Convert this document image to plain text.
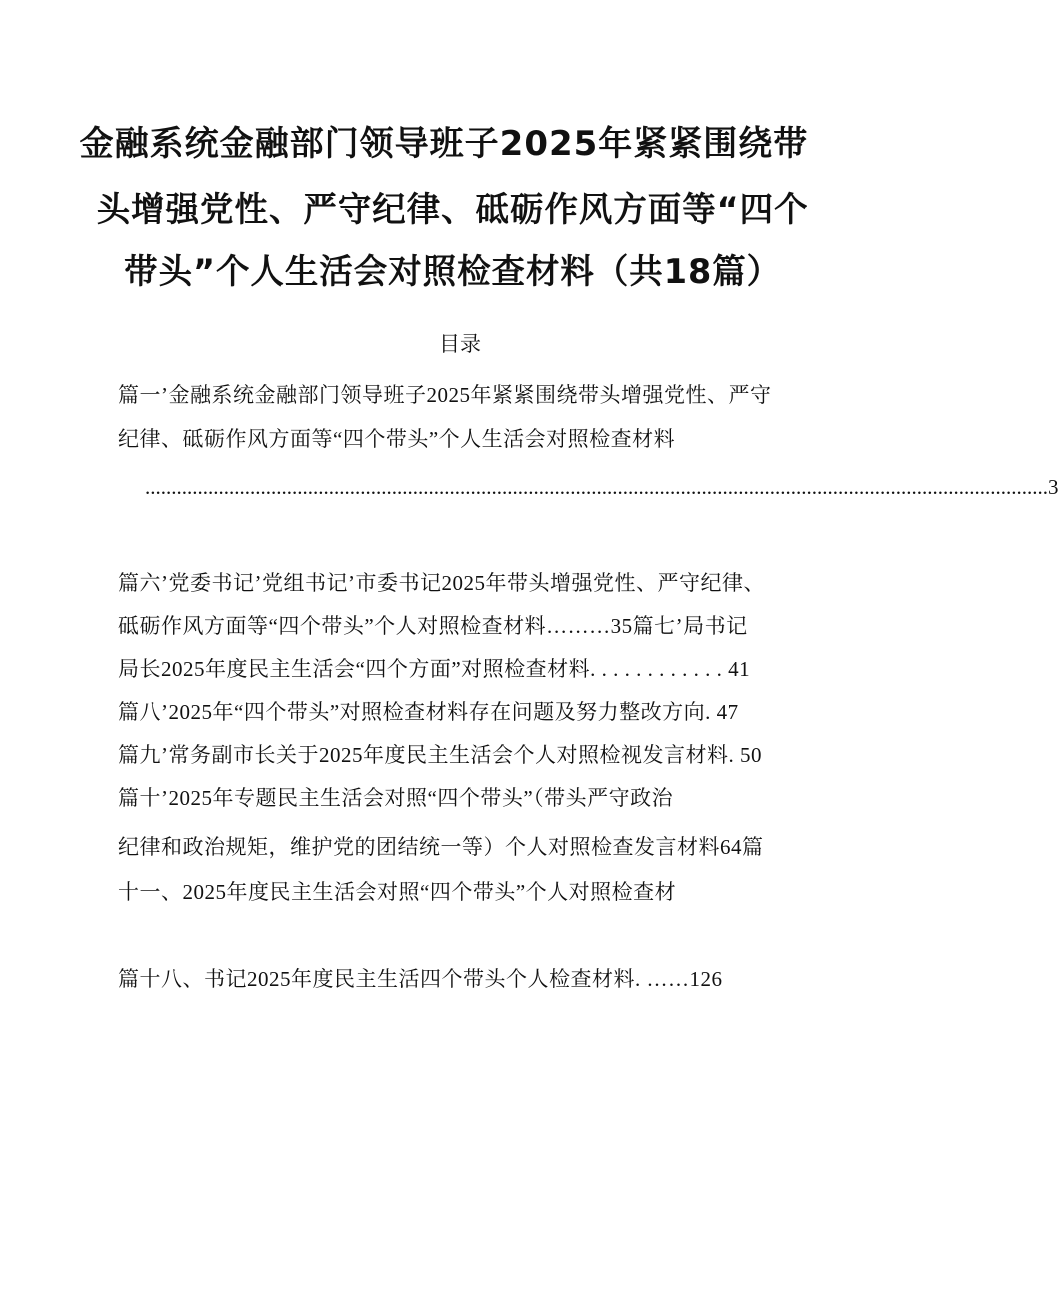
金融系统金融部门领导班子2025年紧紧围绕带
头增强党性、严守纪律、砥砺作风方面等“四个
带头”个人生活会对照检查材料（共18篇）
目录
篇一’金融系统金融部门领导班子2025年紧紧围绕带头增强党性、严守
纪律、砥砺作风方面等“四个带头”个人生活会对照检查材料
............................................................................................................................................................................ 3
篇六’党委书记’党组书记’市委书记2025年带头增强党性、严守纪律、
砥砺作风方面等“四个带头”个人对照检查材料………35篇七’局书记
局长2025年度民主生活会“四个方面”对照检查材料. . . . . . . . . . . . 41
篇八’2025年“四个带头”对照检查材料存在问题及努力整改方向. 47
篇九’常务副市长关于2025年度民主生活会个人对照检视发言材料. 50
篇十’2025年专题民主生活会对照“四个带头”（带头严守政治
纪律和政治规矩，维护党的团结统一等）个人对照检查发言材料64篇
十一、2025年度民主生活会对照“四个带头”个人对照检查材
篇十八、书记2025年度民主生活四个带头个人检查材料. ……126
